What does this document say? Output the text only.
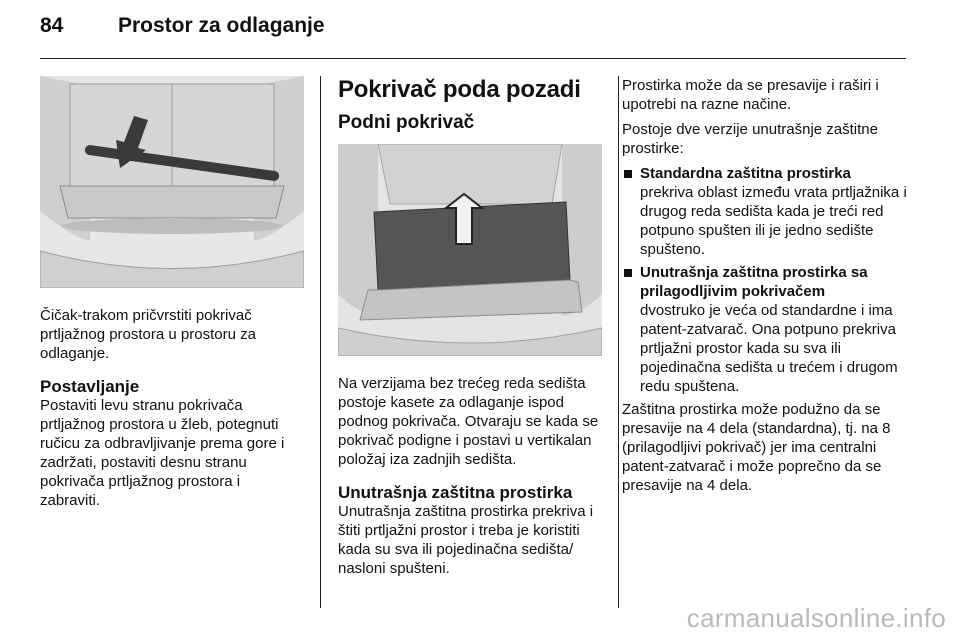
84	Prostor za odlaganje

Čičak-trakom pričvrstiti pokrivač prtljažnog prostora u prostoru za odlaganje.

Postavljanje

Postaviti levu stranu pokrivača prtljažnog prostora u žleb, potegnuti ručicu za odbravljivanje prema gore i zadržati, postaviti desnu stranu pokrivača prtljažnog prostora i zabraviti.

Pokrivač poda pozadi
Podni pokrivač

Na verzijama bez trećeg reda sedišta postoje kasete za odlaganje ispod podnog pokrivača. Otvaraju se kada se pokrivač podigne i postavi u vertikalan položaj iza zadnjih sedišta.

Unutrašnja zaštitna prostirka

Unutrašnja zaštitna prostirka prekriva i štiti prtljažni prostor i treba je koristiti kada su sva ili pojedinačna sedišta/ nasloni spušteni.

Prostirka može da se presavije i raširi i upotrebi na razne načine.

Postoje dve verzije unutrašnje zaštitne prostirke:

Standardna zaštitna prostirka
prekriva oblast između vrata prtljažnika i drugog reda sedišta kada je treći red potpuno spušten ili je jedno sedište spušteno.
Unutrašnja zaštitna prostirka sa prilagodljivim pokrivačem
dvostruko je veća od standardne i ima patent-zatvarač. Ona potpuno prekriva prtljažni prostor kada su sva ili pojedinačna sedišta u trećem i drugom redu spuštena.

Zaštitna prostirka može podužno da se presavije na 4 dela (standardna), tj. na 8 (prilagodljivi pokrivač) jer ima centralni patent-zatvarač i može poprečno da se presavije na 4 dela.

carmanualsonline.info
